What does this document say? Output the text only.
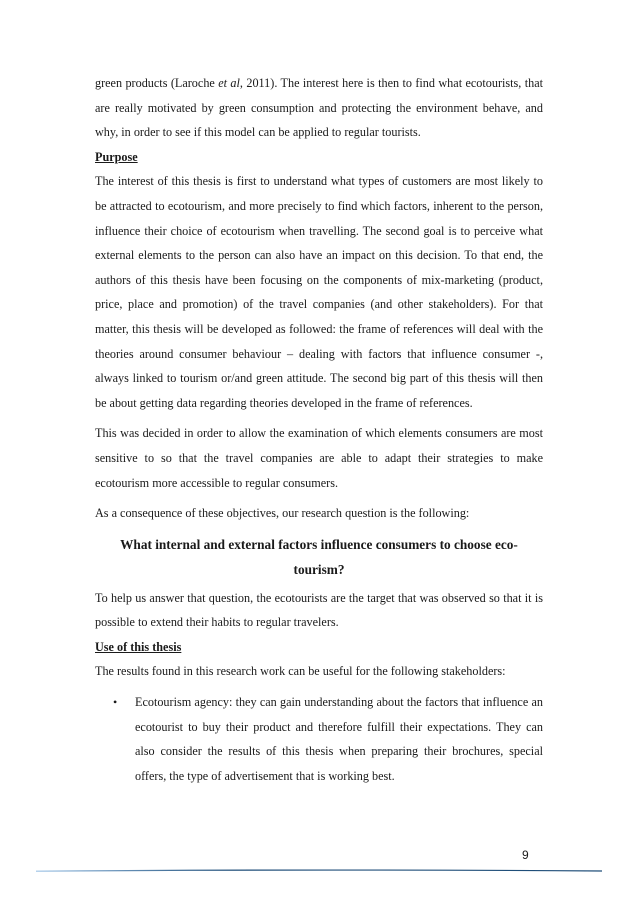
green products (Laroche et al, 2011). The interest here is then to find what ecotourists, that are really motivated by green consumption and protecting the environment behave, and why, in order to see if this model can be applied to regular tourists.

Purpose

The interest of this thesis is first to understand what types of customers are most likely to be attracted to ecotourism, and more precisely to find which factors, inherent to the person, influence their choice of ecotourism when travelling. The second goal is to perceive what external elements to the person can also have an impact on this decision. To that end, the authors of this thesis have been focusing on the components of mix-marketing (product, price, place and promotion) of the travel companies (and other stakeholders). For that matter, this thesis will be developed as followed: the frame of references will deal with the theories around consumer behaviour – dealing with factors that influence consumer -, always linked to tourism or/and green attitude. The second big part of this thesis will then be about getting data regarding theories developed in the frame of references.

This was decided in order to allow the examination of which elements consumers are most sensitive to so that the travel companies are able to adapt their strategies to make ecotourism more accessible to regular consumers.

As a consequence of these objectives, our research question is the following:

What internal and external factors influence consumers to choose eco-
tourism?

To help us answer that question, the ecotourists are the target that was observed so that it is possible to extend their habits to regular travelers.

Use of this thesis

The results found in this research work can be useful for the following stakeholders:

• Ecotourism agency: they can gain understanding about the factors that influence an ecotourist to buy their product and therefore fulfill their expectations. They can also consider the results of this thesis when preparing their brochures, special offers, the type of advertisement that is working best.
9
